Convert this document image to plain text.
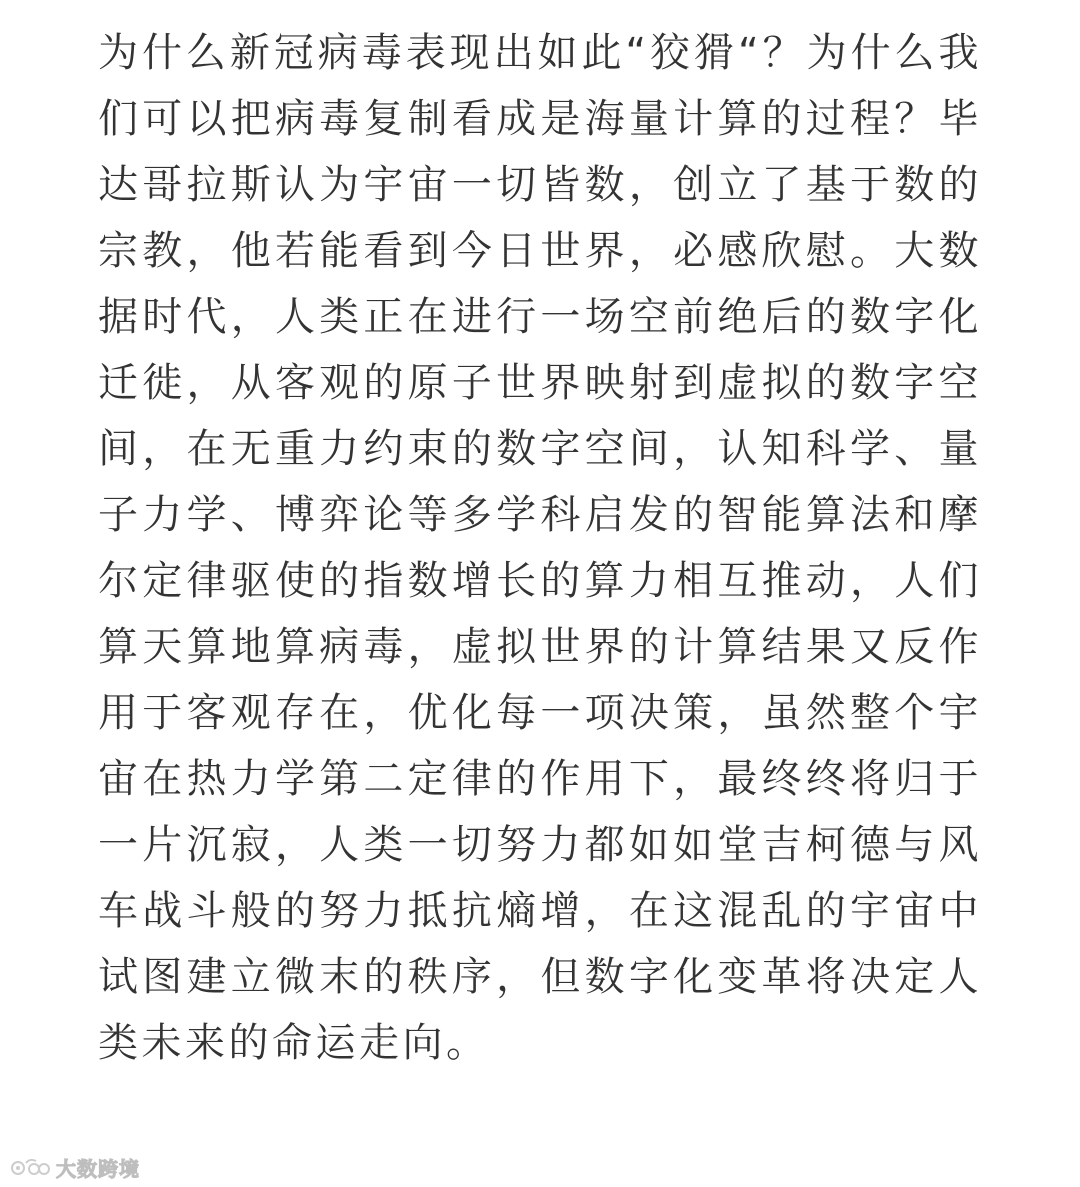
为什么新冠病毒表现出如此“狡猾“？为什么我们可以把病毒复制看成是海量计算的过程？毕达哥拉斯认为宇宙一切皆数，创立了基于数的宗教，他若能看到今日世界，必感欣慰。大数据时代，人类正在进行一场空前绝后的数字化迁徙，从客观的原子世界映射到虚拟的数字空间，在无重力约束的数字空间，认知科学、量子力学、博弈论等多学科启发的智能算法和摩尔定律驱使的指数增长的算力相互推动，人们算天算地算病毒，虚拟世界的计算结果又反作用于客观存在，优化每一项决策，虽然整个宇宙在热力学第二定律的作用下，最终终将归于一片沉寂，人类一切努力都如如堂吉柯德与风车战斗般的努力抵抗熵增，在这混乱的宇宙中试图建立微末的秩序，但数字化变革将决定人类未来的命运走向。

大数跨境
